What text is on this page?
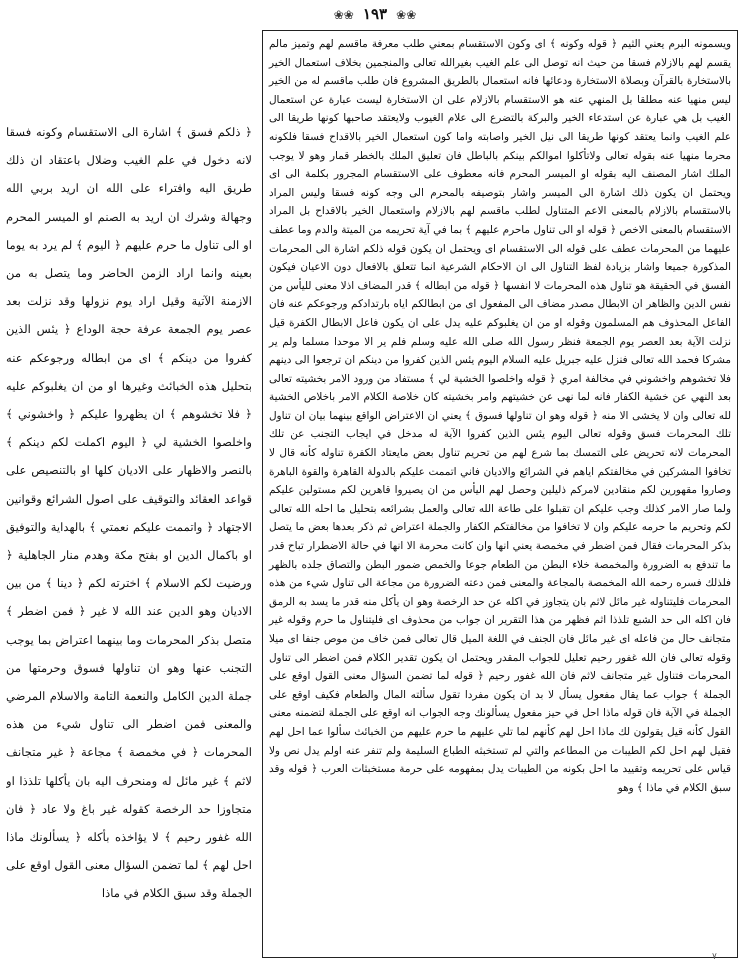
❀❀ ١٩٣ ❀❀

ويسمونه البرم يعني الثيم ﴿ قوله وكونه ﴾ اى وكون الاستقسام بمعني طلب معرفة ماقسم لهم وتميز مالم يقسم لهم بالازلام فسقا من حيث انه توصل الى علم الغيب بغيرالله تعالى والمنجمين بخلاف استعمال الخير بالاستخارة بالقرآن وبصلاة الاستخارة ودعائها فانه استعمال بالطريق المشروع فان طلب ماقسم له من الخير ليس منهيا عنه مطلقا بل المنهي عنه هو الاستقسام بالازلام على ان الاستخارة ليست عبارة عن استعمال الغيب بل هي عبارة عن استدعاء الخير والبركة بالتضرع الى علام الغيوب ولايعتقد صاحبها كونها طريقا الى علم الغيب وانما يعتقد كونها طريقا الى نيل الخير واصابته واما كون استعمال الخير بالاقداح فسقا فلكونه محرما منهيا عنه بقوله تعالى ولاتأكلوا اموالكم بينكم بالباطل فان تعليق الملك بالخطر قمار وهو لا يوجب الملك اشار المصنف اليه بقوله او الميسر المحرم فانه معطوف على الاستقسام المجرور بكلمة الى اى ويحتمل ان يكون ذلك اشارة الى الميسر واشار بتوصيفه بالمحرم الى وجه كونه فسقا وليس المراد بالاستقسام بالازلام بالمعنى الاعم المتناول لطلب ماقسم لهم بالازلام واستعمال الخير بالاقداح بل المراد الاستقسام بالمعنى الاخص ﴿ قوله او الى تناول ماحرم عليهم ﴾ بما في آية تحريمه من الميتة والدم وما عطف عليهما من المحرمات عطف على قوله الى الاستقسام اى ويحتمل ان يكون قوله ذلكم اشارة الى المحرمات المذكورة جميعا واشار بزيادة لفظ التناول الى ان الاحكام الشرعية انما تتعلق بالافعال دون الاعيان فيكون الفسق في الحقيقة هو تناول هذه المحرمات لا انفسها ﴿ قوله من ابطاله ﴾ قدر المضاف اذلا معنى لليأس من نفس الدين والظاهر ان الابطال مصدر مضاف الى المفعول اى من ابطالكم اياه بارتدادكم ورجوعكم عنه فان الفاعل المحذوف هم المسلمون وقوله او من ان يغلبوكم عليه يدل على ان يكون فاعل الابطال الكفرة قيل نزلت الآية بعد العصر يوم الجمعة فنظر رسول الله صلى الله عليه وسلم فلم ير الا موحدا مسلما ولم ير مشركا فحمد الله تعالى فنزل عليه جبريل عليه السلام اليوم يئس الذين كفروا من دينكم ان ترجعوا الى دينهم فلا تخشوهم واخشوني في مخالفة امري ﴿ قوله واخلصوا الخشية لي ﴾ مستفاد من ورود الامر بخشيته تعالى بعد النهي عن خشية الكفار فانه لما نهى عن خشيتهم وامر بخشيته كان خلاصة الكلام الامر باخلاص الخشية لله تعالى وان لا يخشى الا منه ﴿ قوله وهو ان تناولها فسوق ﴾ يعني ان الاعتراض الواقع بينهما بيان ان تناول تلك المحرمات فسق وقوله تعالى اليوم يئس الذين كفروا الآية له مدخل في ايجاب التجنب عن تلك المحرمات لانه تحريض على التمسك بما شرع لهم من تحريم تناول بعض مايعتاد الكفرة تناوله كأنه قال لا تخافوا المشركين في مخالفتكم اياهم في الشرائع والاديان فاني اتممت عليكم بالدولة القاهرة والقوة الباهرة وصاروا مقهورين لكم منقادين لامركم ذليلين وحصل لهم اليأس من ان يصيروا قاهرين لكم مستولين عليكم ولما صار الامر كذلك وجب عليكم ان تقبلوا على طاعة الله تعالى والعمل بشرائعه بتحليل ما احله الله تعالى لكم وتحريم ما حرمه عليكم وان لا تخافوا من مخالفتكم الكفار والجملة اعتراض ثم ذكر بعدها بعض ما يتصل بذكر المحرمات فقال فمن اضطر في مخمصة يعني انها وان كانت محرمة الا انها في حالة الاضطرار تباح قدر ما تندفع به الضرورة والمخمصة خلاء البطن من الطعام جوعا والخمص ضمور البطن والتصاق جلده بالظهر فلذلك فسره رحمه الله المخمصة بالمجاعة والمعنى فمن دعته الضرورة من مجاعة الى تناول شيء من هذه المحرمات فليتناوله غير مائل لاثم بان يتجاوز في اكله عن حد الرخصة وهو ان يأكل منه قدر ما يسد به الرمق فان اكله الى حد الشبع تلذذا اثم فظهر من هذا التقرير ان جواب من محذوف اى فليتناول ما حرم وقوله غير متجانف حال من فاعله اى غير مائل فان الجنف في اللغة الميل قال تعالى فمن خاف من موص جنفا اى ميلا وقوله تعالى فان الله غفور رحيم تعليل للجواب المقدر ويحتمل ان يكون تقدير الكلام فمن اضطر الى تناول المحرمات فتناول غير متجانف لاثم فان الله غفور رحيم ﴿ قوله لما تضمن السؤال معنى القول اوقع على الجملة ﴾ جواب عما يقال مفعول يسأل لا بد ان يكون مفردا تقول سألته المال والطعام فكيف اوقع على الجملة في الآية فان قوله ماذا احل في حيز مفعول يسألونك وجه الجواب انه اوقع على الجملة لتضمنه معنى القول كأنه قيل يقولون لك ماذا احل لهم كأنهم لما تلي عليهم ما حرم عليهم من الخبائث سألوا عما احل لهم فقيل لهم احل لكم الطيبات من المطاعم والتي لم تستخبثه الطباع السليمة ولم تنفر عنه اولم يدل نص ولا قياس على تحريمه وتقييد ما احل بكونه من الطيبات يدل بمفهومه على حرمة مستخبثات العرب ﴿ قوله وقد سبق الكلام في ماذا ﴾ وهو

﴿ ذلكم فسق ﴾ اشارة الى الاستقسام وكونه فسقا لانه دخول في علم الغيب وضلال باعتقاد ان ذلك طريق اليه وافتراء على الله ان اريد بربي الله وجهالة وشرك ان اريد به الصنم او الميسر المحرم او الى تناول ما حرم عليهم ﴿ اليوم ﴾ لم يرد به يوما بعينه وانما اراد الزمن الحاضر وما يتصل به من الازمنة الآتية وقيل اراد يوم نزولها وقد نزلت بعد عصر يوم الجمعة عرفة حجة الوداع ﴿ يئس الذين كفروا من دينكم ﴾ اى من ابطاله ورجوعكم عنه بتحليل هذه الخبائث وغيرها او من ان يغلبوكم عليه ﴿ فلا تخشوهم ﴾ ان يظهروا عليكم ﴿ واخشوني ﴾ واخلصوا الخشية لي ﴿ اليوم اكملت لكم دينكم ﴾ بالنصر والاظهار على الاديان كلها او بالتنصيص على قواعد العقائد والتوقيف على اصول الشرائع وقوانين الاجتهاد ﴿ واتممت عليكم نعمتي ﴾ بالهداية والتوفيق او باكمال الدين او بفتح مكة وهدم منار الجاهلية ﴿ ورضيت لكم الاسلام ﴾ اخترته لكم ﴿ دينا ﴾ من بين الاديان وهو الدين عند الله لا غير ﴿ فمن اضطر ﴾ متصل بذكر المحرمات وما بينهما اعتراض بما يوجب التجنب عنها وهو ان تناولها فسوق وحرمتها من جملة الدين الكامل والنعمة التامة والاسلام المرضي والمعنى فمن اضطر الى تناول شيء من هذه المحرمات ﴿ في مخمصة ﴾ مجاعة ﴿ غير متجانف لاثم ﴾ غير مائل له ومنحرف اليه بان يأكلها تلذذا او متجاوزا حد الرخصة كقوله غير باغ ولا عاد ﴿ فان الله غفور رحيم ﴾ لا يؤاخذه بأكله ﴿ يسألونك ماذا احل لهم ﴾ لما تضمن السؤال معنى القول اوقع على الجملة وقد سبق الكلام في ماذا

٧
